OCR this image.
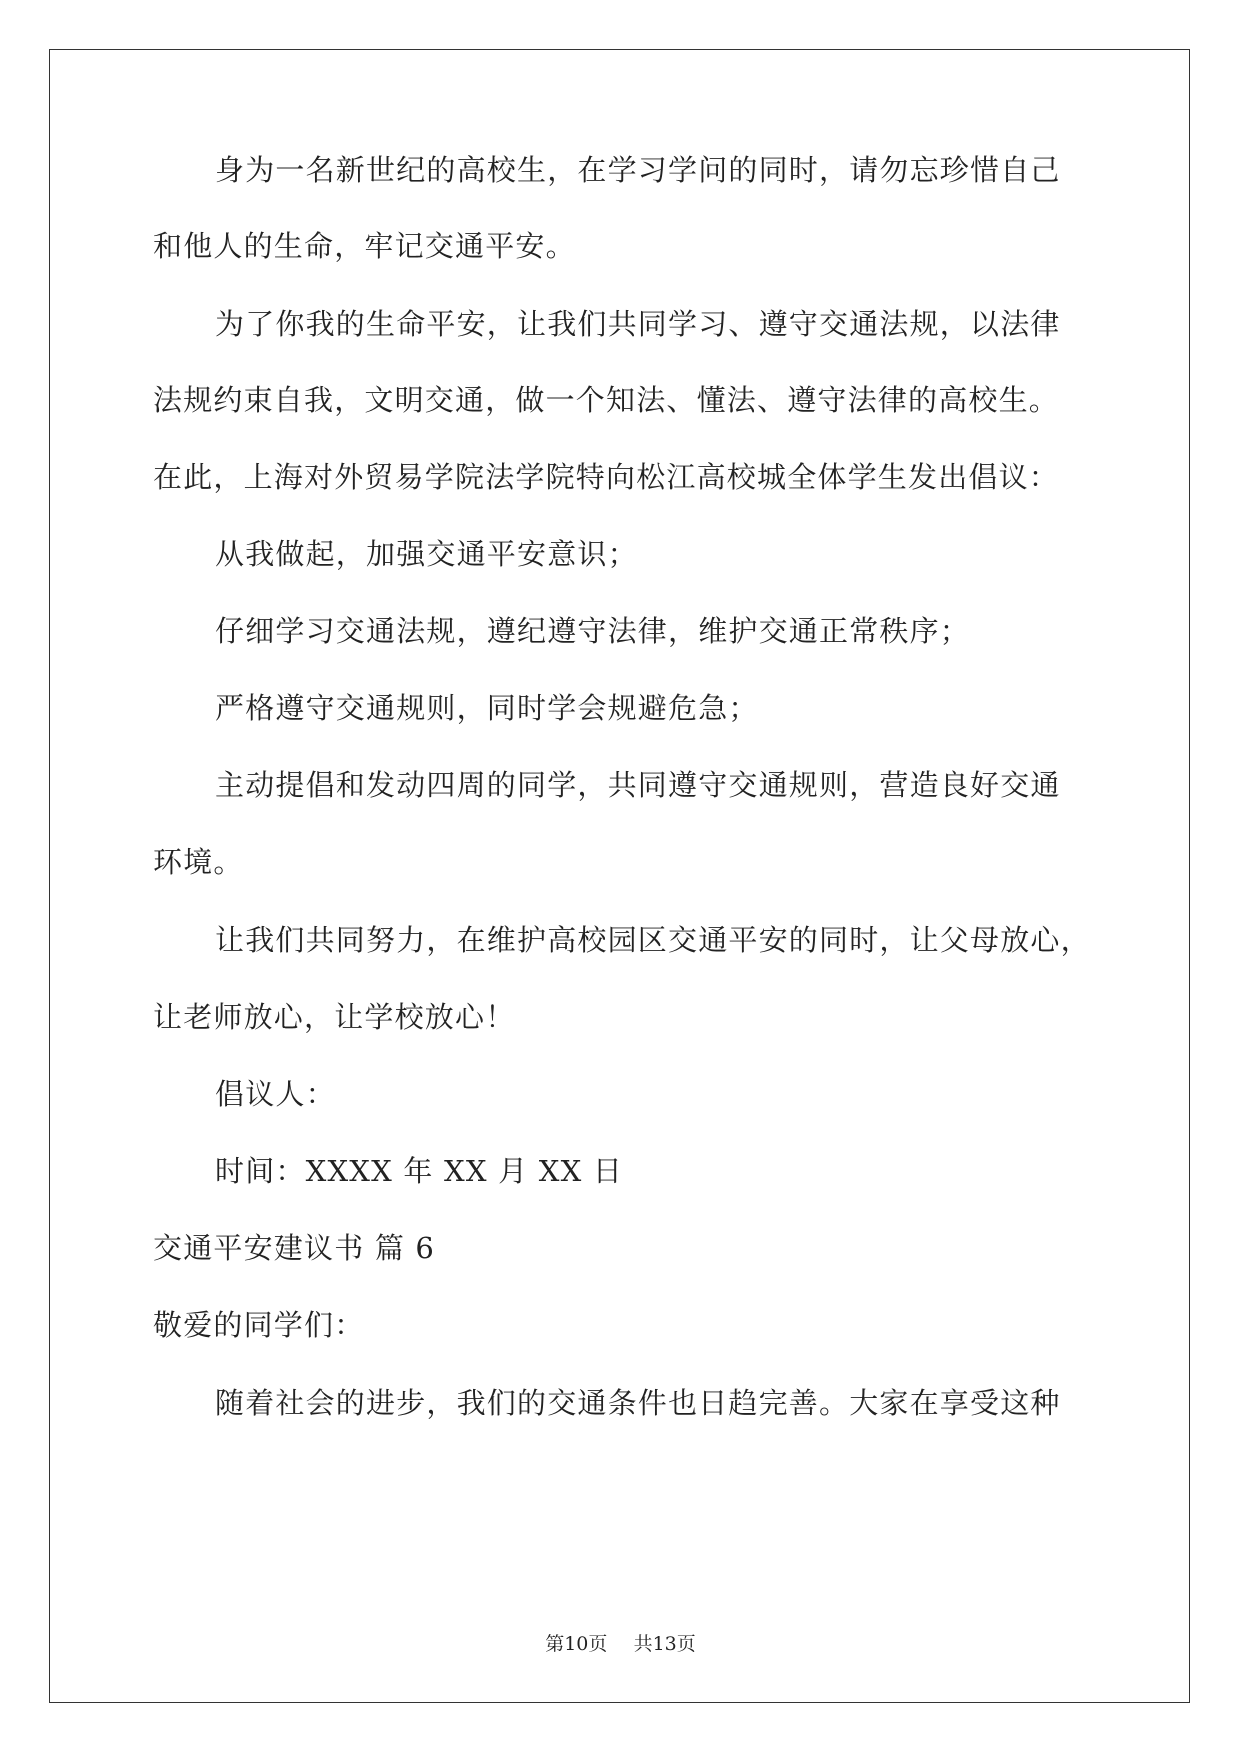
身为一名新世纪的高校生，在学习学问的同时，请勿忘珍惜自己
和他人的生命，牢记交通平安。
为了你我的生命平安，让我们共同学习、遵守交通法规，以法律
法规约束自我，文明交通，做一个知法、懂法、遵守法律的高校生。
在此，上海对外贸易学院法学院特向松江高校城全体学生发出倡议：
从我做起，加强交通平安意识；
仔细学习交通法规，遵纪遵守法律，维护交通正常秩序；
严格遵守交通规则，同时学会规避危急；
主动提倡和发动四周的同学，共同遵守交通规则，营造良好交通
环境。
让我们共同努力，在维护高校园区交通平安的同时，让父母放心，
让老师放心，让学校放心！
倡议人：
时间：XXXX 年 XX 月 XX 日
交通平安建议书 篇 6
敬爱的同学们：
随着社会的进步，我们的交通条件也日趋完善。大家在享受这种
第10页 共13页
